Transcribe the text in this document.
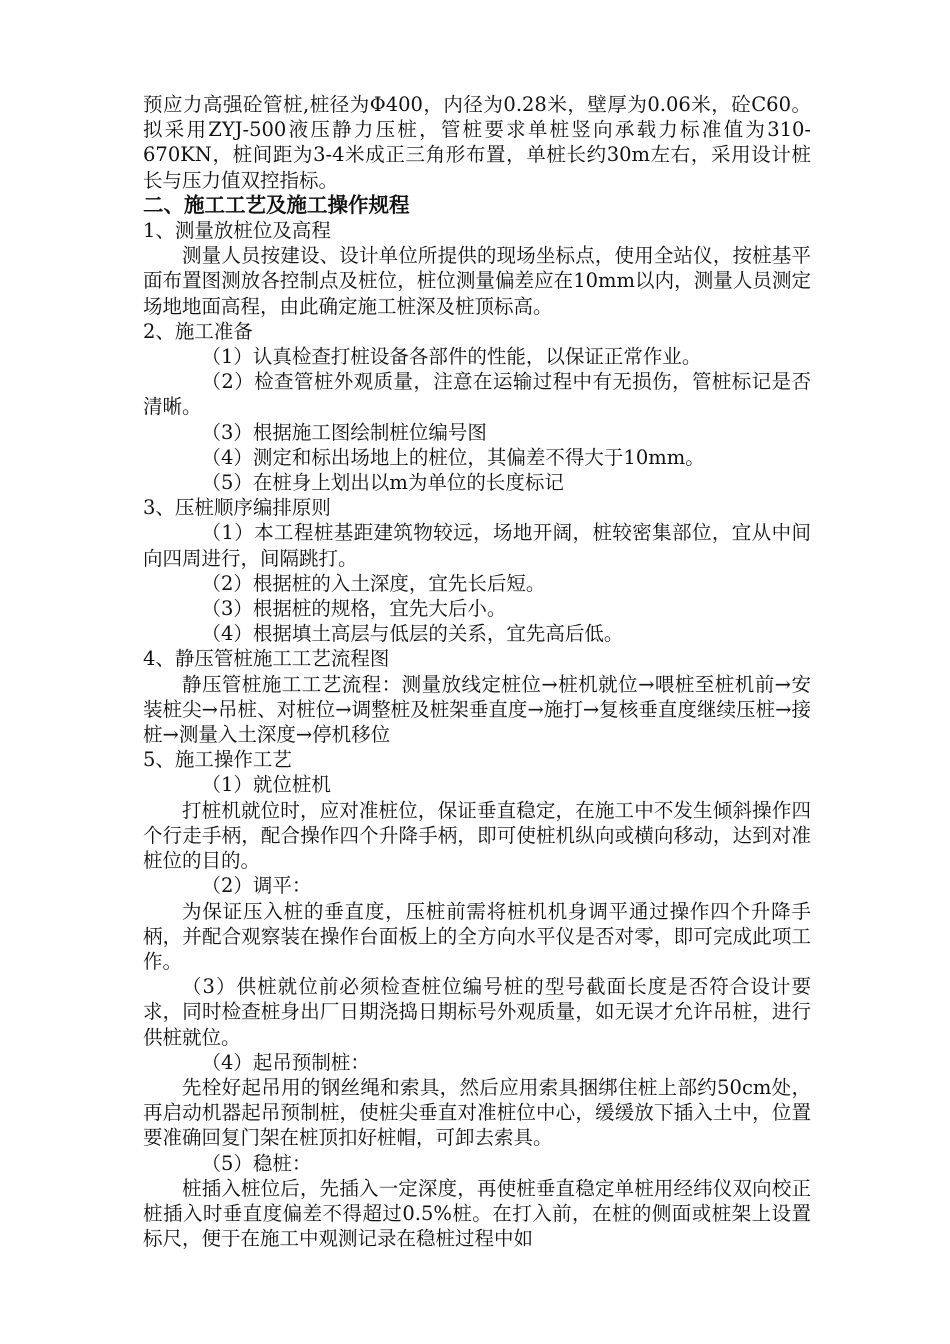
预应力高强砼管桩,桩径为Φ400，内径为0.28米，壁厚为0.06米，砼C60。拟采用ZYJ-500液压静力压桩，管桩要求单桩竖向承载力标准值为310-670KN，桩间距为3-4米成正三角形布置，单桩长约30m左右，采用设计桩长与压力值双控指标。

二、施工工艺及施工操作规程

1、测量放桩位及高程

测量人员按建设、设计单位所提供的现场坐标点，使用全站仪，按桩基平面布置图测放各控制点及桩位，桩位测量偏差应在10mm以内，测量人员测定场地地面高程，由此确定施工桩深及桩顶标高。

2、施工准备

（1）认真检查打桩设备各部件的性能，以保证正常作业。

（2）检查管桩外观质量，注意在运输过程中有无损伤，管桩标记是否清晰。

（3）根据施工图绘制桩位编号图

（4）测定和标出场地上的桩位，其偏差不得大于10mm。

（5）在桩身上划出以m为单位的长度标记

3、压桩顺序编排原则

（1）本工程桩基距建筑物较远，场地开阔，桩较密集部位，宜从中间向四周进行，间隔跳打。

（2）根据桩的入土深度，宜先长后短。

（3）根据桩的规格，宜先大后小。

（4）根据填土高层与低层的关系，宜先高后低。

4、静压管桩施工工艺流程图

静压管桩施工工艺流程：测量放线定桩位→桩机就位→喂桩至桩机前→安装桩尖→吊桩、对桩位→调整桩及桩架垂直度→施打→复核垂直度继续压桩→接桩→测量入土深度→停机移位

5、施工操作工艺

（1）就位桩机

打桩机就位时，应对准桩位，保证垂直稳定，在施工中不发生倾斜操作四个行走手柄，配合操作四个升降手柄，即可使桩机纵向或横向移动，达到对准桩位的目的。

（2）调平：

为保证压入桩的垂直度，压桩前需将桩机机身调平通过操作四个升降手柄，并配合观察装在操作台面板上的全方向水平仪是否对零，即可完成此项工作。

（3）供桩就位前必须检查桩位编号桩的型号截面长度是否符合设计要求，同时检查桩身出厂日期浇捣日期标号外观质量，如无误才允许吊桩，进行供桩就位。

（4）起吊预制桩：

先栓好起吊用的钢丝绳和索具，然后应用索具捆绑住桩上部约50cm处，再启动机器起吊预制桩，使桩尖垂直对准桩位中心，缓缓放下插入土中，位置要准确回复门架在桩顶扣好桩帽，可卸去索具。

（5）稳桩：

桩插入桩位后，先插入一定深度，再使桩垂直稳定单桩用经纬仪双向校正桩插入时垂直度偏差不得超过0.5%桩。在打入前，在桩的侧面或桩架上设置标尺，便于在施工中观测记录在稳桩过程中如
